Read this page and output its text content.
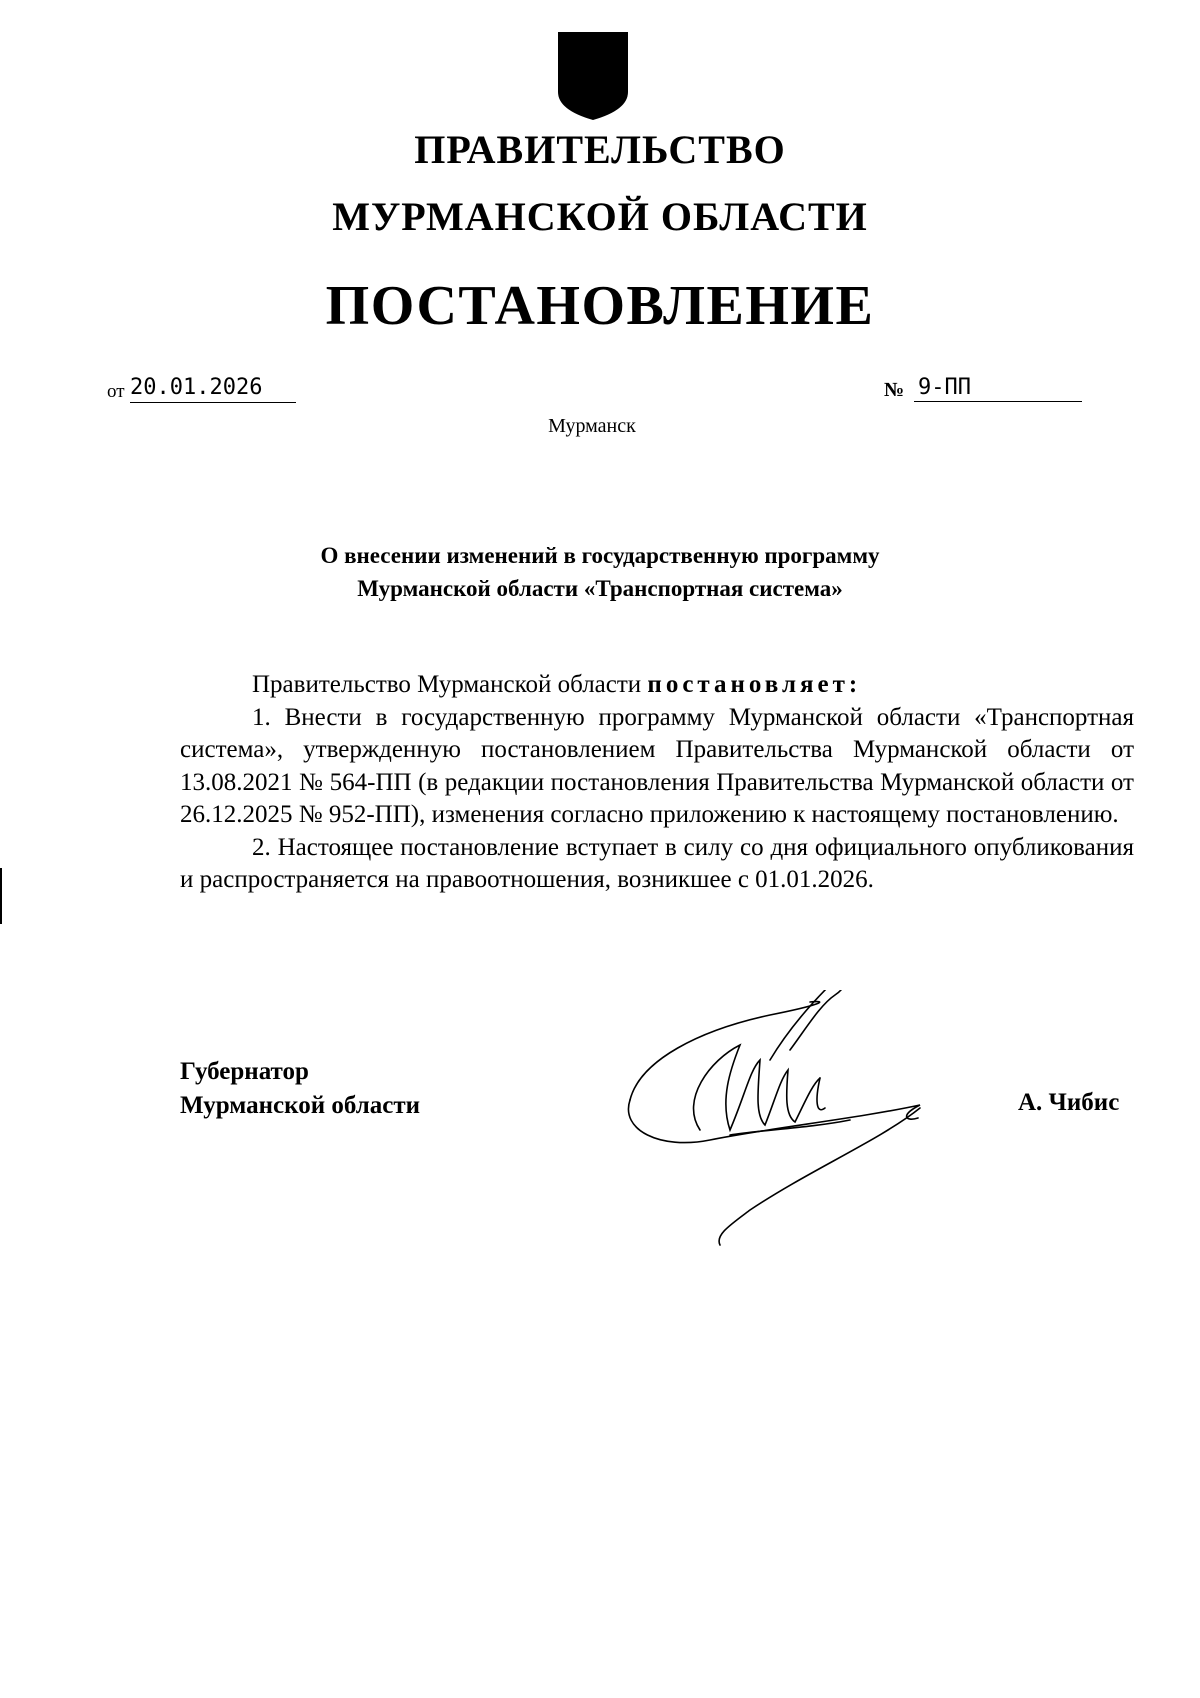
ПРАВИТЕЛЬСТВО
МУРМАНСКОЙ ОБЛАСТИ
ПОСТАНОВЛЕНИЕ
от 20.01.2026	№ 9-ПП
Мурманск
О внесении изменений в государственную программу
Мурманской области «Транспортная система»

Правительство Мурманской области постановляет:

1. Внести в государственную программу Мурманской области «Транспортная система», утвержденную постановлением Правительства Мурманской области от 13.08.2021 № 564-ПП (в редакции постановления Правительства Мурманской области от 26.12.2025 № 952-ПП), изменения согласно приложению к настоящему постановлению.

2. Настоящее постановление вступает в силу со дня официального опубликования и распространяется на правоотношения, возникшее с 01.01.2026.

Губернатор
Мурманской области	А. Чибис
